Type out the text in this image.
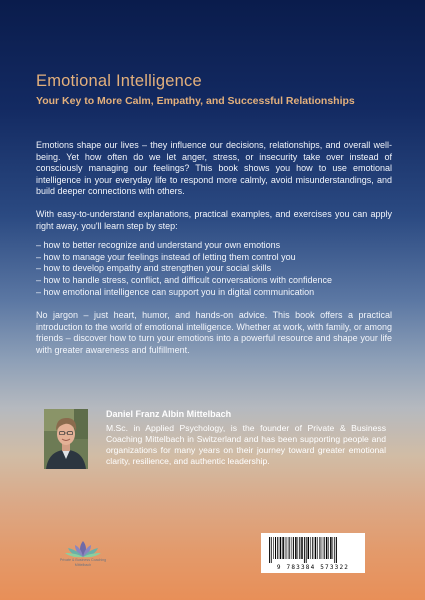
Emotional Intelligence
Your Key to More Calm, Empathy, and Successful Relationships

Emotions shape our lives – they influence our decisions, relationships, and overall well-being. Yet how often do we let anger, stress, or insecurity take over instead of consciously managing our feelings? This book shows you how to use emotional intelligence in your everyday life to respond more calmly, avoid misunderstandings, and build deeper connections with others.

With easy-to-understand explanations, practical examples, and exercises you can apply right away, you'll learn step by step:

– how to better recognize and understand your own emotions
– how to manage your feelings instead of letting them control you
– how to develop empathy and strengthen your social skills
– how to handle stress, conflict, and difficult conversations with confidence
– how emotional intelligence can support you in digital communication

No jargon – just heart, humor, and hands-on advice. This book offers a practical introduction to the world of emotional intelligence. Whether at work, with family, or among friends – discover how to turn your emotions into a powerful resource and shape your life with greater awareness and fulfillment.

Daniel Franz Albin Mittelbach

M.Sc. in Applied Psychology, is the founder of Private & Business Coaching Mittelbach in Switzerland and has been supporting people and organizations for many years on their journey toward greater emotional clarity, resilience, and authentic leadership.

Private & Business Coaching
Mittelbach	9 783384 573322
